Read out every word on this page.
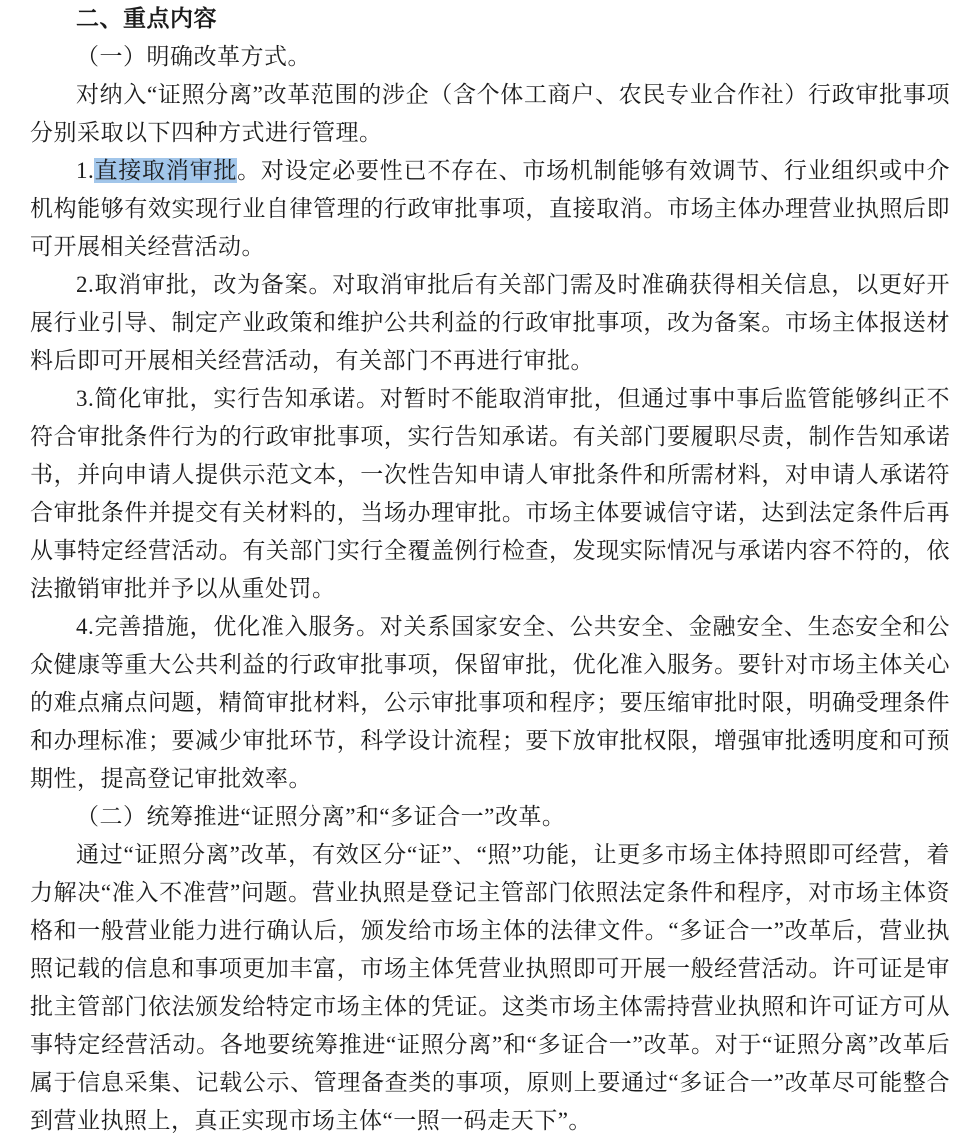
二、重点内容

（一）明确改革方式。

对纳入“证照分离”改革范围的涉企（含个体工商户、农民专业合作社）行政审批事项分别采取以下四种方式进行管理。

1.直接取消审批。对设定必要性已不存在、市场机制能够有效调节、行业组织或中介机构能够有效实现行业自律管理的行政审批事项，直接取消。市场主体办理营业执照后即可开展相关经营活动。

2.取消审批，改为备案。对取消审批后有关部门需及时准确获得相关信息，以更好开展行业引导、制定产业政策和维护公共利益的行政审批事项，改为备案。市场主体报送材料后即可开展相关经营活动，有关部门不再进行审批。

3.简化审批，实行告知承诺。对暂时不能取消审批，但通过事中事后监管能够纠正不符合审批条件行为的行政审批事项，实行告知承诺。有关部门要履职尽责，制作告知承诺书，并向申请人提供示范文本，一次性告知申请人审批条件和所需材料，对申请人承诺符合审批条件并提交有关材料的，当场办理审批。市场主体要诚信守诺，达到法定条件后再从事特定经营活动。有关部门实行全覆盖例行检查，发现实际情况与承诺内容不符的，依法撤销审批并予以从重处罚。

4.完善措施，优化准入服务。对关系国家安全、公共安全、金融安全、生态安全和公众健康等重大公共利益的行政审批事项，保留审批，优化准入服务。要针对市场主体关心的难点痛点问题，精简审批材料，公示审批事项和程序；要压缩审批时限，明确受理条件和办理标准；要减少审批环节，科学设计流程；要下放审批权限，增强审批透明度和可预期性，提高登记审批效率。

（二）统筹推进“证照分离”和“多证合一”改革。

通过“证照分离”改革，有效区分“证”、“照”功能，让更多市场主体持照即可经营，着力解决“准入不准营”问题。营业执照是登记主管部门依照法定条件和程序，对市场主体资格和一般营业能力进行确认后，颁发给市场主体的法律文件。“多证合一”改革后，营业执照记载的信息和事项更加丰富，市场主体凭营业执照即可开展一般经营活动。许可证是审批主管部门依法颁发给特定市场主体的凭证。这类市场主体需持营业执照和许可证方可从事特定经营活动。各地要统筹推进“证照分离”和“多证合一”改革。对于“证照分离”改革后属于信息采集、记载公示、管理备查类的事项，原则上要通过“多证合一”改革尽可能整合到营业执照上，真正实现市场主体“一照一码走天下”。
